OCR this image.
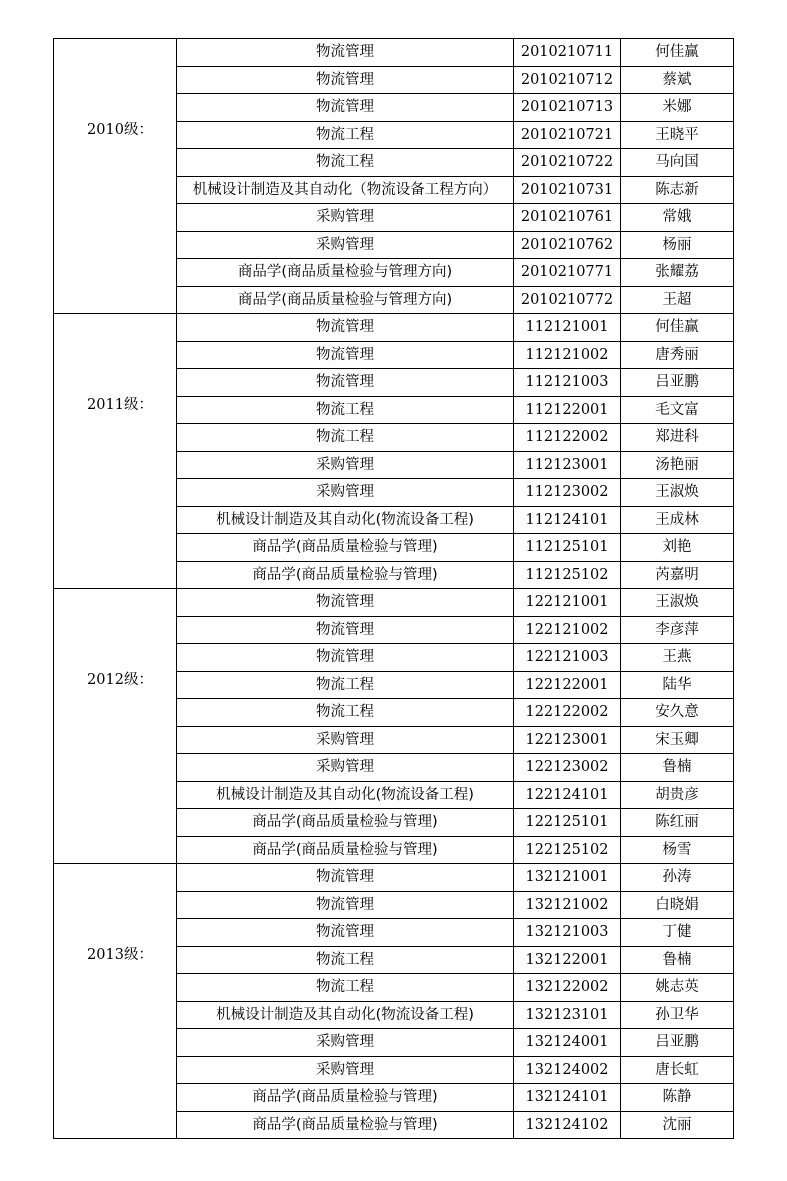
2010级：	物流管理	2010210711	何佳赢
	物流管理	2010210712	蔡斌
	物流管理	2010210713	米娜
	物流工程	2010210721	王晓平
	物流工程	2010210722	马向国
	机械设计制造及其自动化（物流设备工程方向）	2010210731	陈志新
	采购管理	2010210761	常娥
	采购管理	2010210762	杨丽
	商品学(商品质量检验与管理方向)	2010210771	张耀荔
	商品学(商品质量检验与管理方向)	2010210772	王超

2011级：	物流管理	112121001	何佳赢
	物流管理	112121002	唐秀丽
	物流管理	112121003	吕亚鹏
	物流工程	112122001	毛文富
	物流工程	112122002	郑进科
	采购管理	112123001	汤艳丽
	采购管理	112123002	王淑焕
	机械设计制造及其自动化(物流设备工程)	112124101	王成林
	商品学(商品质量检验与管理)	112125101	刘艳
	商品学(商品质量检验与管理)	112125102	芮嘉明

2012级：	物流管理	122121001	王淑焕
	物流管理	122121002	李彦萍
	物流管理	122121003	王燕
	物流工程	122122001	陆华
	物流工程	122122002	安久意
	采购管理	122123001	宋玉卿
	采购管理	122123002	鲁楠
	机械设计制造及其自动化(物流设备工程)	122124101	胡贵彦
	商品学(商品质量检验与管理)	122125101	陈红丽
	商品学(商品质量检验与管理)	122125102	杨雪

2013级：	物流管理	132121001	孙涛
	物流管理	132121002	白晓娟
	物流管理	132121003	丁健
	物流工程	132122001	鲁楠
	物流工程	132122002	姚志英
	机械设计制造及其自动化(物流设备工程)	132123101	孙卫华
	采购管理	132124001	吕亚鹏
	采购管理	132124002	唐长虹
	商品学(商品质量检验与管理)	132124101	陈静
	商品学(商品质量检验与管理)	132124102	沈丽
